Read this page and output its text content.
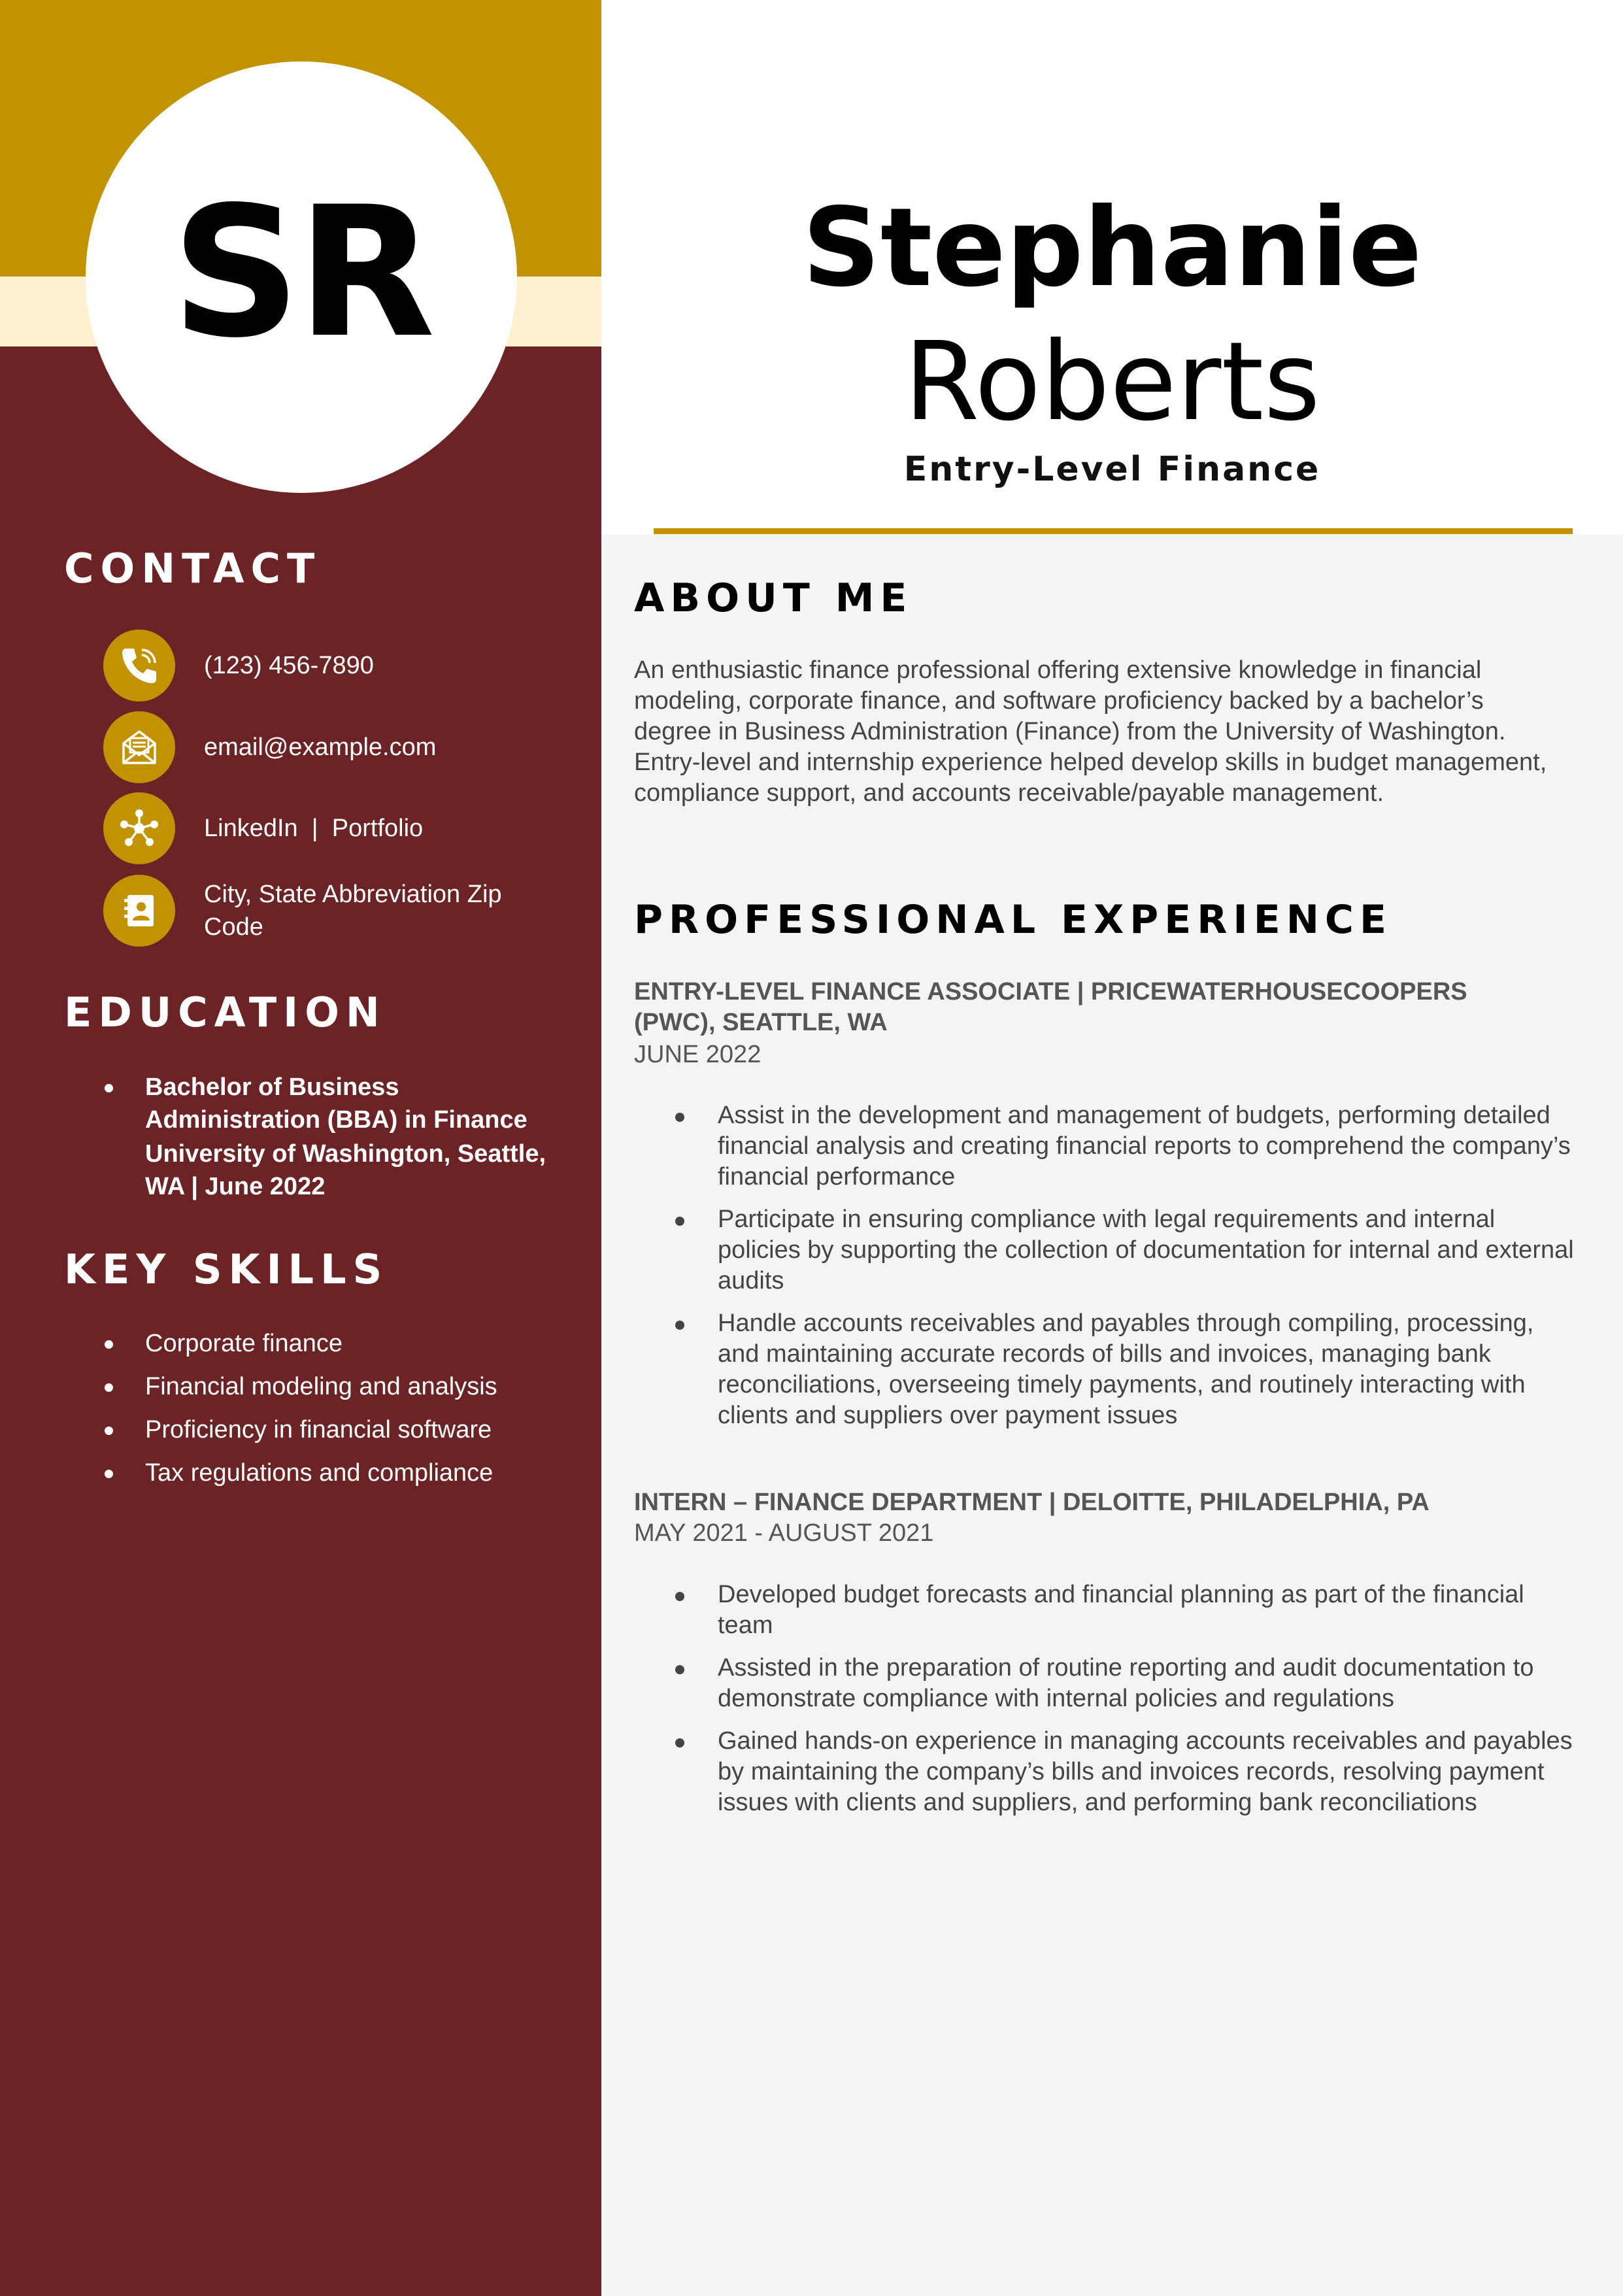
SR	Stephanie
Roberts
Entry-Level Finance
CONTACT
(123) 456-7890
email@example.com
LinkedIn  |  Portfolio
City, State Abbreviation Zip Code
EDUCATION
Bachelor of Business Administration (BBA) in Finance
University of Washington, Seattle, WA | June 2022
KEY SKILLS
Corporate finance
Financial modeling and analysis
Proficiency in financial software
Tax regulations and compliance
ABOUT ME

An enthusiastic finance professional offering extensive knowledge in financial modeling, corporate finance, and software proficiency backed by a bachelor’s degree in Business Administration (Finance) from the University of Washington. Entry-level and internship experience helped develop skills in budget management, compliance support, and accounts receivable/payable management.

PROFESSIONAL EXPERIENCE
ENTRY-LEVEL FINANCE ASSOCIATE | PRICEWATERHOUSECOOPERS (PWC), SEATTLE, WA
JUNE 2022
Assist in the development and management of budgets, performing detailed financial analysis and creating financial reports to comprehend the company’s financial performance
Participate in ensuring compliance with legal requirements and internal policies by supporting the collection of documentation for internal and external audits
Handle accounts receivables and payables through compiling, processing, and maintaining accurate records of bills and invoices, managing bank reconciliations, overseeing timely payments, and routinely interacting with clients and suppliers over payment issues
INTERN – FINANCE DEPARTMENT | DELOITTE, PHILADELPHIA, PA
MAY 2021 - AUGUST 2021
Developed budget forecasts and financial planning as part of the financial team
Assisted in the preparation of routine reporting and audit documentation to demonstrate compliance with internal policies and regulations
Gained hands-on experience in managing accounts receivables and payables by maintaining the company’s bills and invoices records, resolving payment issues with clients and suppliers, and performing bank reconciliations
